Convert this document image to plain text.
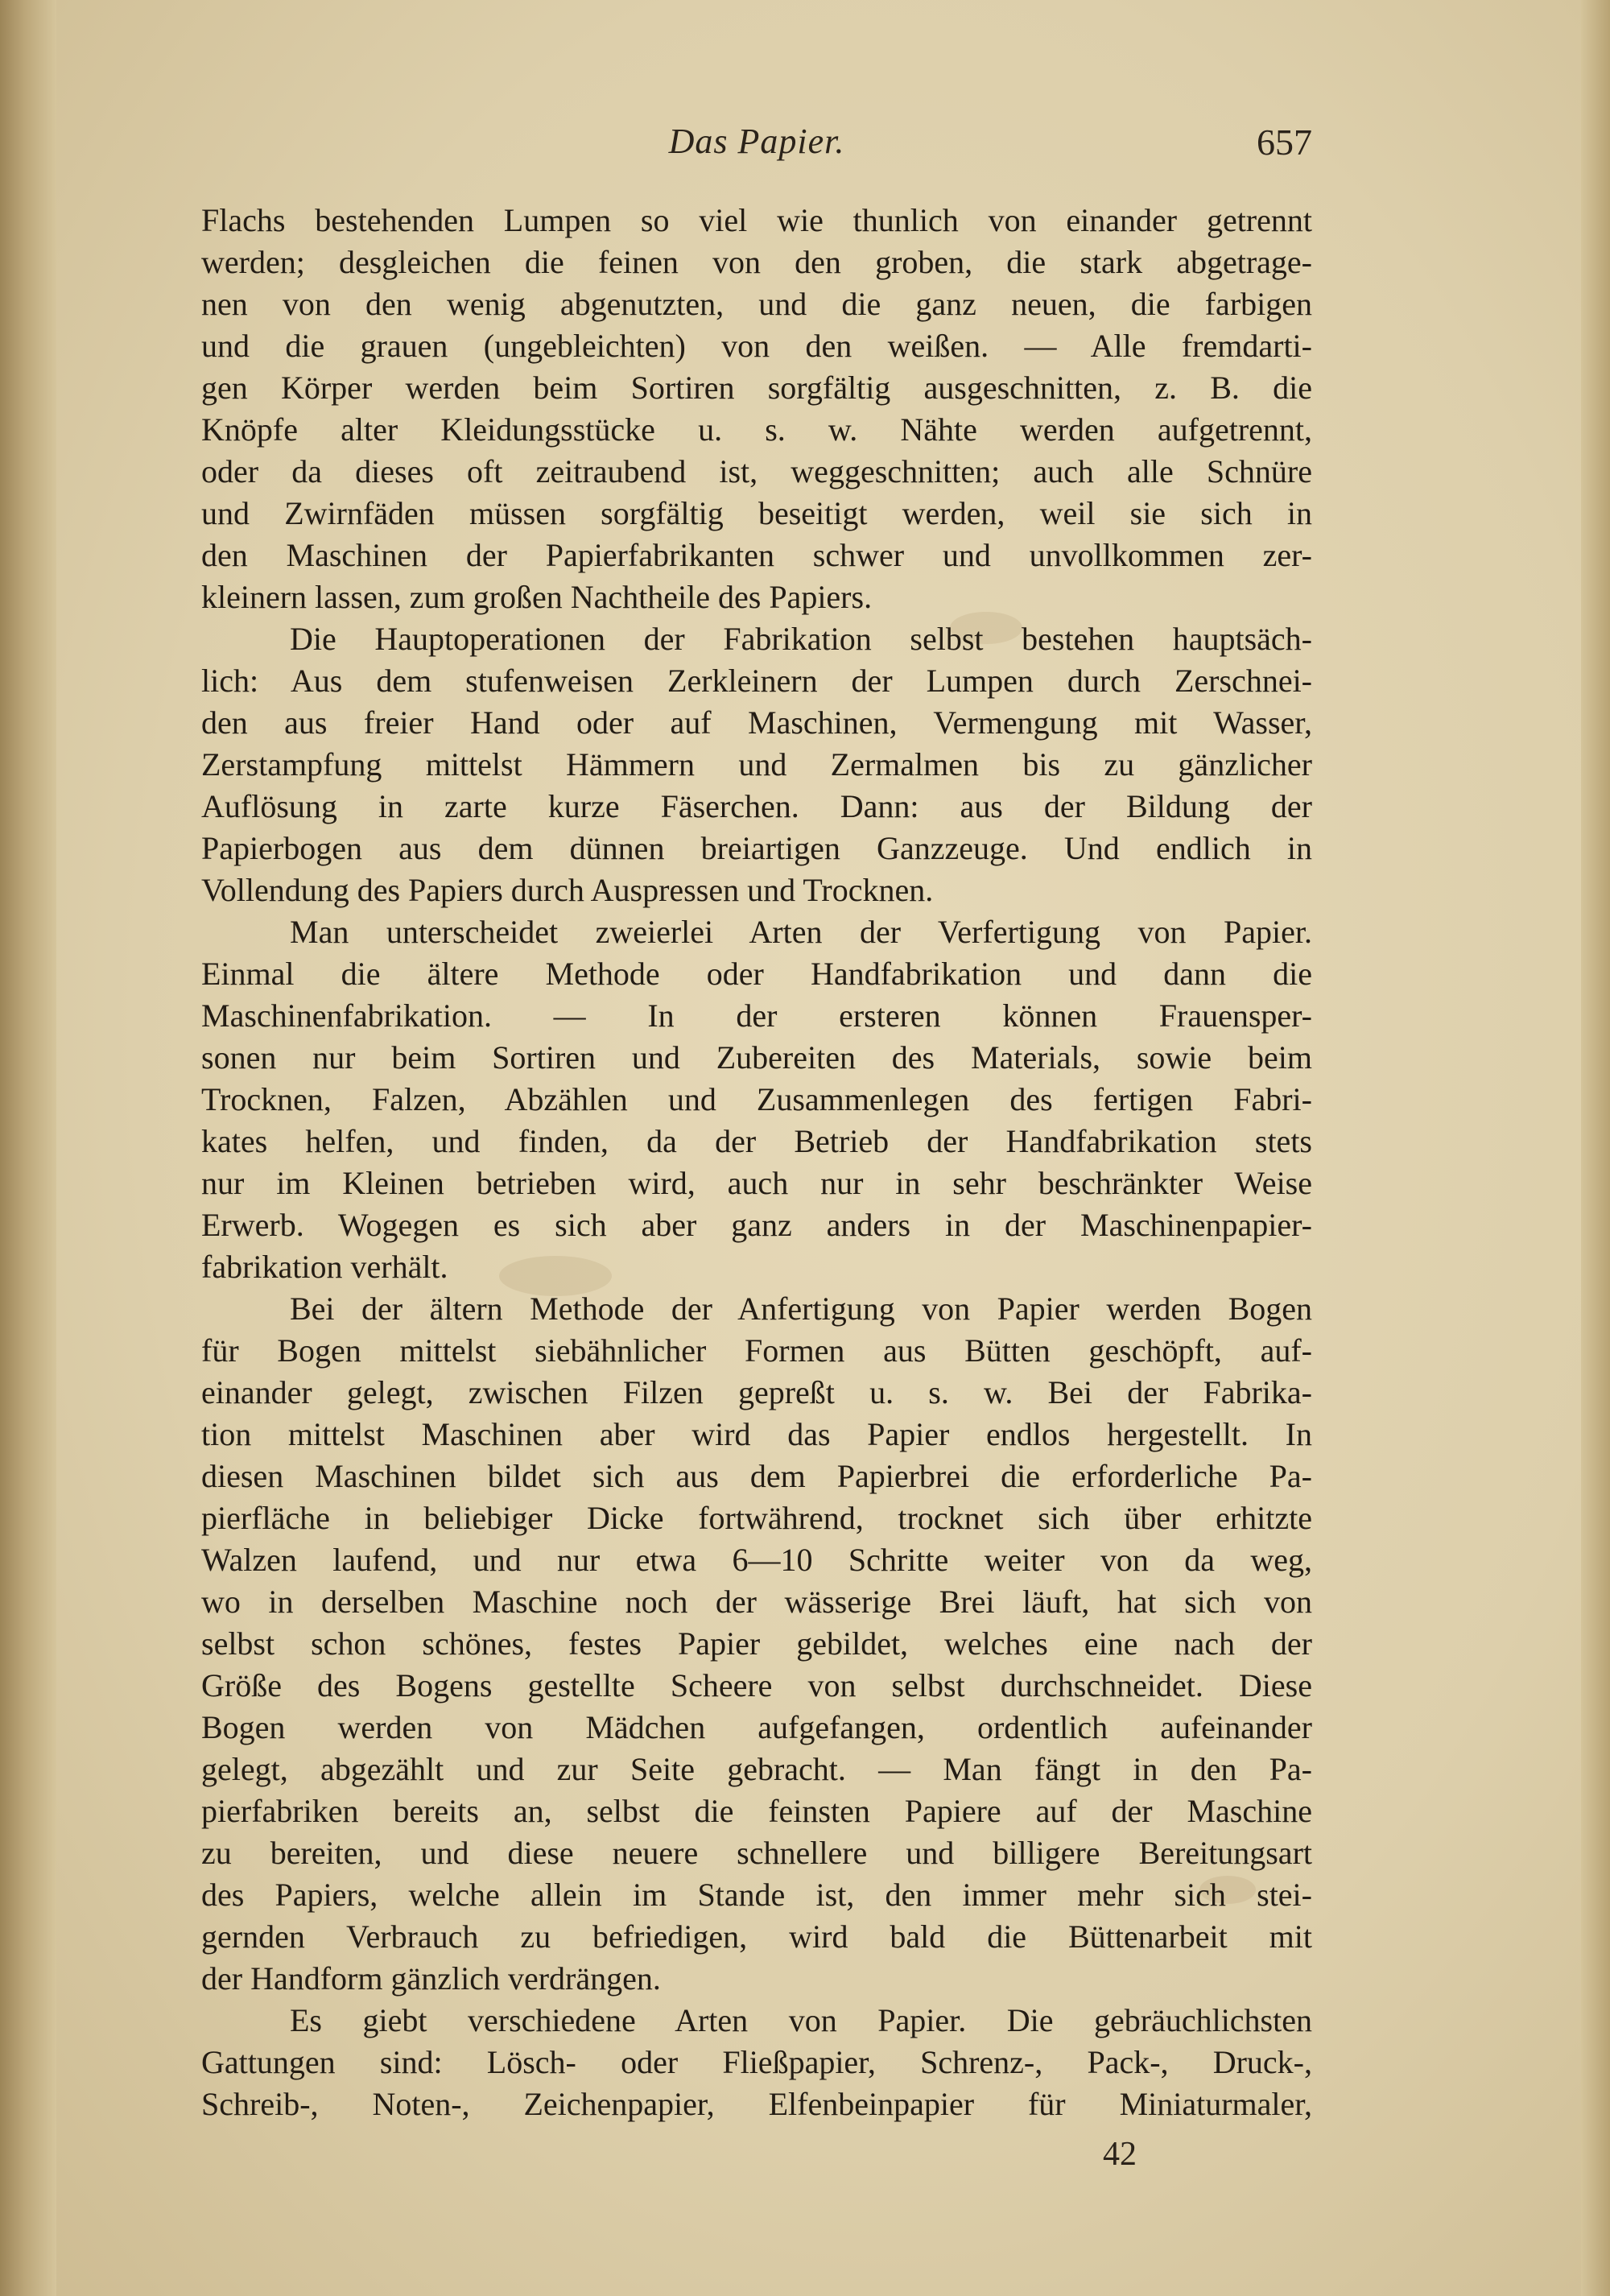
Das Papier.	657
Flachs bestehenden Lumpen so viel wie thunlich von einander getrennt
werden; desgleichen die feinen von den groben, die stark abgetrage-
nen von den wenig abgenutzten, und die ganz neuen, die farbigen
und die grauen (ungebleichten) von den weißen. — Alle fremdarti-
gen Körper werden beim Sortiren sorgfältig ausgeschnitten, z. B. die
Knöpfe alter Kleidungsstücke u. s. w. Nähte werden aufgetrennt,
oder da dieses oft zeitraubend ist, weggeschnitten; auch alle Schnüre
und Zwirnfäden müssen sorgfältig beseitigt werden, weil sie sich in
den Maschinen der Papierfabrikanten schwer und unvollkommen zer-
kleinern lassen, zum großen Nachtheile des Papiers.
Die Hauptoperationen der Fabrikation selbst bestehen hauptsäch-
lich: Aus dem stufenweisen Zerkleinern der Lumpen durch Zerschnei-
den aus freier Hand oder auf Maschinen, Vermengung mit Wasser,
Zerstampfung mittelst Hämmern und Zermalmen bis zu gänzlicher
Auflösung in zarte kurze Fäserchen. Dann: aus der Bildung der
Papierbogen aus dem dünnen breiartigen Ganzzeuge. Und endlich in
Vollendung des Papiers durch Auspressen und Trocknen.
Man unterscheidet zweierlei Arten der Verfertigung von Papier.
Einmal die ältere Methode oder Handfabrikation und dann die
Maschinenfabrikation. — In der ersteren können Frauensper-
sonen nur beim Sortiren und Zubereiten des Materials, sowie beim
Trocknen, Falzen, Abzählen und Zusammenlegen des fertigen Fabri-
kates helfen, und finden, da der Betrieb der Handfabrikation stets
nur im Kleinen betrieben wird, auch nur in sehr beschränkter Weise
Erwerb. Wogegen es sich aber ganz anders in der Maschinenpapier-
fabrikation verhält.
Bei der ältern Methode der Anfertigung von Papier werden Bogen
für Bogen mittelst siebähnlicher Formen aus Bütten geschöpft, auf-
einander gelegt, zwischen Filzen gepreßt u. s. w. Bei der Fabrika-
tion mittelst Maschinen aber wird das Papier endlos hergestellt. In
diesen Maschinen bildet sich aus dem Papierbrei die erforderliche Pa-
pierfläche in beliebiger Dicke fortwährend, trocknet sich über erhitzte
Walzen laufend, und nur etwa 6—10 Schritte weiter von da weg,
wo in derselben Maschine noch der wässerige Brei läuft, hat sich von
selbst schon schönes, festes Papier gebildet, welches eine nach der
Größe des Bogens gestellte Scheere von selbst durchschneidet. Diese
Bogen werden von Mädchen aufgefangen, ordentlich aufeinander
gelegt, abgezählt und zur Seite gebracht. — Man fängt in den Pa-
pierfabriken bereits an, selbst die feinsten Papiere auf der Maschine
zu bereiten, und diese neuere schnellere und billigere Bereitungsart
des Papiers, welche allein im Stande ist, den immer mehr sich stei-
gernden Verbrauch zu befriedigen, wird bald die Büttenarbeit mit
der Handform gänzlich verdrängen.
Es giebt verschiedene Arten von Papier. Die gebräuchlichsten
Gattungen sind: Lösch- oder Fließpapier, Schrenz-, Pack-, Druck-,
Schreib-, Noten-, Zeichenpapier, Elfenbeinpapier für Miniaturmaler,
42
